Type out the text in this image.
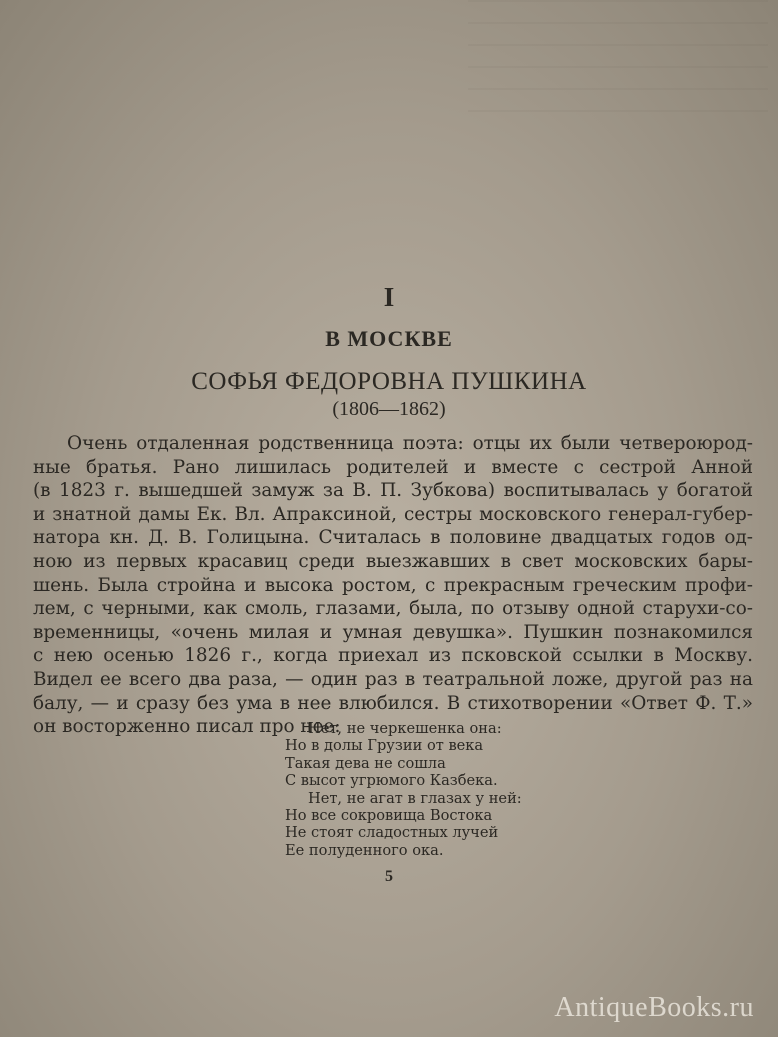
I
В МОСКВЕ
СОФЬЯ ФЕДОРОВНА ПУШКИНА
(1806—1862)
Очень отдаленная родственница поэта: отцы их были четвероюрод-
ные братья. Рано лишилась родителей и вместе с сестрой Анной
(в 1823 г. вышедшей замуж за В. П. Зубкова) воспитывалась у богатой
и знатной дамы Ек. Вл. Апраксиной, сестры московского генерал-губер-
натора кн. Д. В. Голицына. Считалась в половине двадцатых годов од-
ною из первых красавиц среди выезжавших в свет московских бары-
шень. Была стройна и высока ростом, с прекрасным греческим профи-
лем, с черными, как смоль, глазами, была, по отзыву одной старухи-со-
временницы, «очень милая и умная девушка». Пушкин познакомился
с нею осенью 1826 г., когда приехал из псковской ссылки в Москву.
Видел ее всего два раза, — один раз в театральной ложе, другой раз на
балу, — и сразу без ума в нее влюбился. В стихотворении «Ответ Ф. Т.»
он восторженно писал про нее:
Нет, не черкешенка она:
Но в долы Грузии от века
Такая дева не сошла
С высот угрюмого Казбека.
Нет, не агат в глазах у ней:
Но все сокровища Востока
Не стоят сладостных лучей
Ее полуденного ока.
5
AntiqueBooks.ru
